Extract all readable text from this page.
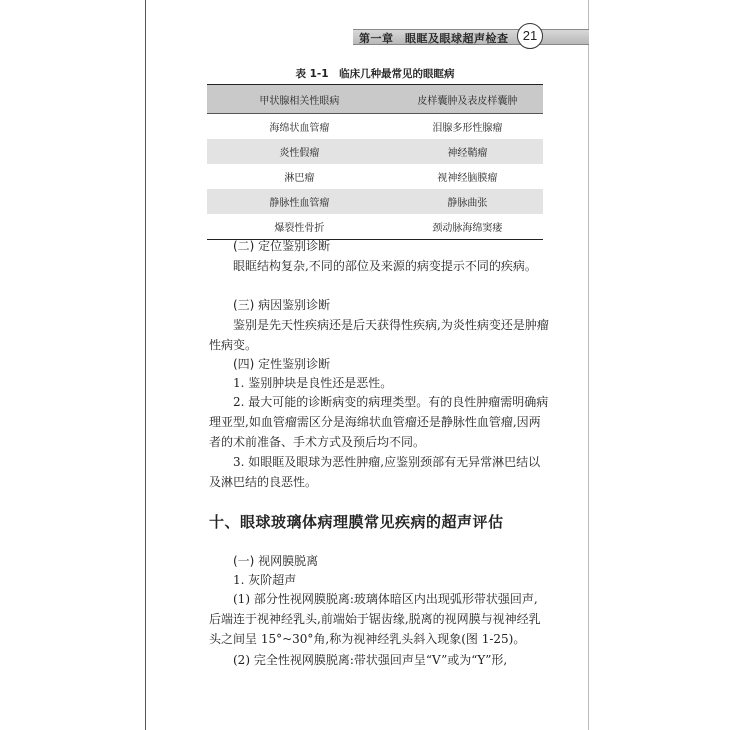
第一章　眼眶及眼球超声检查	21
表 1-1　临床几种最常见的眼眶病
甲状腺相关性眼病	皮样囊肿及表皮样囊肿
海绵状血管瘤	泪腺多形性腺瘤
炎性假瘤	神经鞘瘤
淋巴瘤	视神经脑膜瘤
静脉性血管瘤	静脉曲张
爆裂性骨折	颈动脉海绵窦瘘
(二) 定位鉴别诊断

眼眶结构复杂,不同的部位及来源的病变提示不同的疾病。

(三) 病因鉴别诊断

鉴别是先天性疾病还是后天获得性疾病,为炎性病变还是肿瘤性病变。

(四) 定性鉴别诊断

1. 鉴别肿块是良性还是恶性。

2. 最大可能的诊断病变的病理类型。有的良性肿瘤需明确病理亚型,如血管瘤需区分是海绵状血管瘤还是静脉性血管瘤,因两者的术前准备、手术方式及预后均不同。

3. 如眼眶及眼球为恶性肿瘤,应鉴别颈部有无异常淋巴结以及淋巴结的良恶性。

十、眼球玻璃体病理膜常见疾病的超声评估
(一) 视网膜脱离

1. 灰阶超声

(1) 部分性视网膜脱离:玻璃体暗区内出现弧形带状强回声,后端连于视神经乳头,前端始于锯齿缘,脱离的视网膜与视神经乳头之间呈 15°~30°角,称为视神经乳头斜入现象(图 1-25)。

(2) 完全性视网膜脱离:带状强回声呈“V”或为“Y”形,
